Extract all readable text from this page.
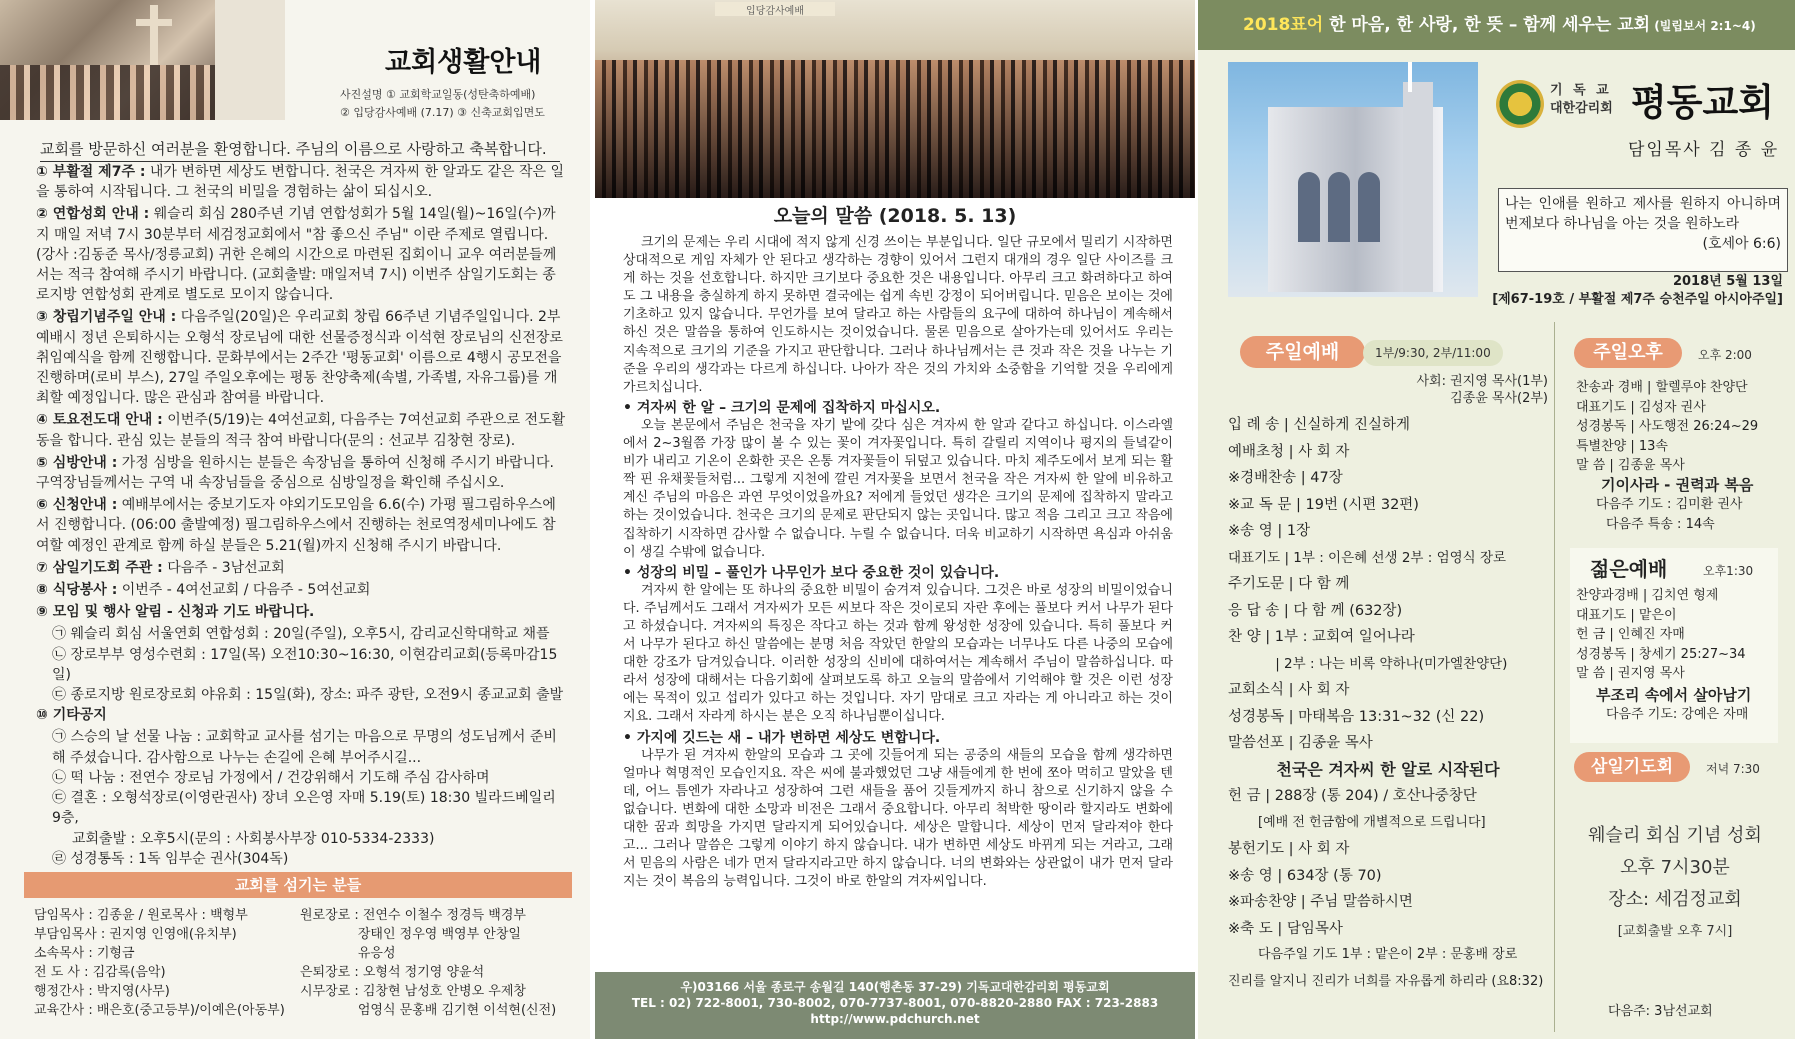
교회생활안내
사진설명 ① 교회학교일동(성탄축하예배)
② 입당감사예배 (7.17) ③ 신축교회입면도
교회를 방문하신 여러분을 환영합니다. 주님의 이름으로 사랑하고 축복합니다.
① 부활절 제7주 : 내가 변하면 세상도 변합니다. 천국은 겨자씨 한 알과도 같은 작은 일을 통하여 시작됩니다. 그 천국의 비밀을 경험하는 삶이 되십시오.
② 연합성회 안내 : 웨슬리 회심 280주년 기념 연합성회가 5월 14일(월)~16일(수)까지 매일 저녁 7시 30분부터 세검정교회에서 "참 좋으신 주님" 이란 주제로 열립니다. (강사 :김동준 목사/정릉교회) 귀한 은혜의 시간으로 마련된 집회이니 교우 여러분들께서는 적극 참여해 주시기 바랍니다. (교회출발: 매일저녁 7시) 이번주 삼일기도회는 종로지방 연합성회 관계로 별도로 모이지 않습니다.
③ 창립기념주일 안내 : 다음주일(20일)은 우리교회 창립 66주년 기념주일입니다. 2부예배시 정년 은퇴하시는 오형석 장로님에 대한 선물증정식과 이석현 장로님의 신전장로취임예식을 함께 진행합니다. 문화부에서는 2주간 '평동교회' 이름으로 4행시 공모전을 진행하며(로비 부스), 27일 주일오후에는 평동 찬양축제(속별, 가족별, 자유그룹)를 개최할 예정입니다. 많은 관심과 참여를 바랍니다.
④ 토요전도대 안내 : 이번주(5/19)는 4여선교회, 다음주는 7여선교회 주관으로 전도활동을 합니다. 관심 있는 분들의 적극 참여 바랍니다(문의 : 선교부 김창현 장로).
⑤ 심방안내 : 가정 심방을 원하시는 분들은 속장님을 통하여 신청해 주시기 바랍니다. 구역장님들께서는 구역 내 속장님들을 중심으로 심방일정을 확인해 주십시오.
⑥ 신청안내 : 예배부에서는 중보기도자 야외기도모임을 6.6(수) 가평 필그림하우스에서 진행합니다. (06:00 출발예정) 필그림하우스에서 진행하는 천로역정세미나에도 참여할 예정인 관계로 함께 하실 분들은 5.21(월)까지 신청해 주시기 바랍니다.
⑦ 삼일기도회 주관 : 다음주 - 3남선교회
⑧ 식당봉사 : 이번주 - 4여선교회 / 다음주 - 5여선교회
⑨ 모임 및 행사 알림 - 신청과 기도 바랍니다.
㉠ 웨슬리 회심 서울연회 연합성회 : 20일(주일), 오후5시, 감리교신학대학교 채플
㉡ 장로부부 영성수련회 : 17일(목) 오전10:30~16:30, 이현감리교회(등록마감15일)
㉢ 종로지방 원로장로회 야유회 : 15일(화), 장소: 파주 광탄, 오전9시 종교교회 출발
⑩ 기타공지
㉠ 스승의 날 선물 나눔 : 교회학교 교사를 섬기는 마음으로 무명의 성도님께서 준비해 주셨습니다. 감사함으로 나누는 손길에 은혜 부어주시길...
㉡ 떡 나눔 : 전연수 장로님 가정에서 / 건강위해서 기도해 주심 감사하며
㉢ 결혼 : 오형석장로(이영란권사) 장녀 오은영 자매 5.19(토) 18:30 빌라드베일리 9층,
교회출발 : 오후5시(문의 : 사회봉사부장 010-5334-2333)
㉣ 성경통독 : 1독 임부순 권사(304독)
교회를 섬기는 분들
담임목사 : 김종윤 / 원로목사 : 백형부
부담임목사 : 권지영 인영애(유치부)
소속목사 : 기형금
전 도 사 : 김감록(음악)
행정간사 : 박지영(사무)
교육간사 : 배은호(중고등부)/이예은(아동부)
원로장로 : 전연수 이철수 정경득 백경부
장태인 정우영 백영부 안창일
유응성
은퇴장로 : 오형석 정기영 양윤석
시무장로 : 김창현 남성호 안병오 우제창
엄영식 문홍배 김기현 이석현(신전)
입당감사예배
오늘의 말씀 (2018. 5. 13)

크기의 문제는 우리 시대에 적지 않게 신경 쓰이는 부분입니다. 일단 규모에서 밀리기 시작하면 상대적으로 게임 자체가 안 된다고 생각하는 경향이 있어서 그런지 대개의 경우 일단 사이즈를 크게 하는 것을 선호합니다. 하지만 크기보다 중요한 것은 내용입니다. 아무리 크고 화려하다고 하여도 그 내용을 충실하게 하지 못하면 결국에는 쉽게 속빈 강정이 되어버립니다. 믿음은 보이는 것에 기초하고 있지 않습니다. 무언가를 보여 달라고 하는 사람들의 요구에 대하여 하나님이 계속해서 하신 것은 말씀을 통하여 인도하시는 것이었습니다. 물론 믿음으로 살아가는데 있어서도 우리는 지속적으로 크기의 기준을 가지고 판단합니다. 그러나 하나님께서는 큰 것과 작은 것을 나누는 기준을 우리의 생각과는 다르게 하십니다. 나아가 작은 것의 가치와 소중함을 기억할 것을 우리에게 가르치십니다.

• 겨자씨 한 알 – 크기의 문제에 집착하지 마십시오.

오늘 본문에서 주님은 천국을 자기 밭에 갖다 심은 겨자씨 한 알과 같다고 하십니다. 이스라엘에서 2~3월쯤 가장 많이 볼 수 있는 꽃이 겨자꽃입니다. 특히 갈릴리 지역이나 평지의 들녘같이 비가 내리고 기온이 온화한 곳은 온통 겨자꽃들이 뒤덮고 있습니다. 마치 제주도에서 보게 되는 활짝 핀 유채꽃들처럼... 그렇게 지천에 깔린 겨자꽃을 보면서 천국을 작은 겨자씨 한 알에 비유하고 계신 주님의 마음은 과연 무엇이었을까요? 저에게 들었던 생각은 크기의 문제에 집착하지 말라고 하는 것이었습니다. 천국은 크기의 문제로 판단되지 않는 곳입니다. 많고 적음 그리고 크고 작음에 집착하기 시작하면 감사할 수 없습니다. 누릴 수 없습니다. 더욱 비교하기 시작하면 욕심과 아쉬움이 생길 수밖에 없습니다.

• 성장의 비밀 – 풀인가 나무인가 보다 중요한 것이 있습니다.

겨자씨 한 알에는 또 하나의 중요한 비밀이 숨겨져 있습니다. 그것은 바로 성장의 비밀이었습니다. 주님께서도 그래서 겨자씨가 모든 씨보다 작은 것이로되 자란 후에는 풀보다 커서 나무가 된다고 하셨습니다. 겨자씨의 특징은 작다고 하는 것과 함께 왕성한 성장에 있습니다. 특히 풀보다 커서 나무가 된다고 하신 말씀에는 분명 처음 작았던 한알의 모습과는 너무나도 다른 나중의 모습에 대한 강조가 담겨있습니다. 이러한 성장의 신비에 대하여서는 계속해서 주님이 말씀하십니다. 따라서 성장에 대해서는 다음기회에 살펴보도록 하고 오늘의 말씀에서 기억해야 할 것은 이런 성장에는 목적이 있고 섭리가 있다고 하는 것입니다. 자기 맘대로 크고 자라는 게 아니라고 하는 것이지요. 그래서 자라게 하시는 분은 오직 하나님뿐이십니다.

• 가지에 깃드는 새 – 내가 변하면 세상도 변합니다.

나무가 된 겨자씨 한알의 모습과 그 곳에 깃들어게 되는 공중의 새들의 모습을 함께 생각하면 얼마나 혁명적인 모습인지요. 작은 씨에 불과했었던 그냥 새들에게 한 번에 쪼아 먹히고 말았을 텐데, 어느 틈엔가 자라나고 성장하여 그런 새들을 품어 깃들게까지 하니 참으로 신기하지 않을 수 없습니다. 변화에 대한 소망과 비전은 그래서 중요합니다. 아무리 척박한 땅이라 할지라도 변화에 대한 꿈과 희망을 가지면 달라지게 되어있습니다. 세상은 말합니다. 세상이 먼저 달라져야 한다고... 그러나 말씀은 그렇게 이야기 하지 않습니다. 내가 변하면 세상도 바뀌게 되는 거라고, 그래서 믿음의 사람은 네가 먼저 달라지라고만 하지 않습니다. 너의 변화와는 상관없이 내가 먼저 달라지는 것이 복음의 능력입니다. 그것이 바로 한알의 겨자씨입니다.

우)03166 서울 종로구 송월길 140(행촌동 37-29) 기독교대한감리회 평동교회
TEL : 02) 722-8001, 730-8002, 070-7737-8001, 070-8820-2880 FAX : 723-2883
http://www.pdchurch.net
2018표어 한 마음, 한 사랑, 한 뜻 – 함께 세우는 교회 (빌립보서 2:1~4)
기 독 교
대한감리회 평동교회
담임목사 김 종 윤
나는 인애를 원하고 제사를 원하지 아니하며 번제보다 하나님을 아는 것을 원하노라
(호세아 6:6)
2018년 5월 13일
[제67-19호 / 부활절 제7주 승천주일 아시아주일]
주일예배	1부/9:30, 2부/11:00
사회: 권지영 목사(1부)
김종윤 목사(2부)
입 례 송 | 신실하게 진실하게
예배초청 | 사 회 자
※경배찬송 | 47장
※교 독 문 | 19번 (시편 32편)
※송 영 | 1장
대표기도 | 1부 : 이은혜 선생 2부 : 엄영식 장로
주기도문 | 다 함 께
응 답 송 | 다 함 께 (632장)
찬 양 | 1부 : 교회여 일어나라
| 2부 : 나는 비록 약하나(미가엘찬양단)
교회소식 | 사 회 자
성경봉독 | 마태복음 13:31~32 (신 22)
말씀선포 | 김종윤 목사
천국은 겨자씨 한 알로 시작된다
헌 금 | 288장 (통 204) / 호산나중창단
[예배 전 헌금함에 개별적으로 드립니다]
봉헌기도 | 사 회 자
※송 영 | 634장 (통 70)
※파송찬양 | 주님 말씀하시면
※축 도 | 담임목사
다음주일 기도 1부 : 맡은이 2부 : 문홍배 장로
진리를 알지니 진리가 너희를 자유롭게 하리라 (요8:32)
주일오후	오후 2:00
찬송과 경배 | 할렐루야 찬양단
대표기도 | 김성자 권사
성경봉독 | 사도행전 26:24~29
특별찬양 | 13속
말 씀 | 김종윤 목사
기이사라 - 권력과 복음
다음주 기도 : 김미환 권사
다음주 특송 : 14속
젊은예배	오후1:30
찬양과경배 | 김치연 형제
대표기도 | 맡은이
헌 금 | 인혜진 자매
성경봉독 | 창세기 25:27~34
말 씀 | 권지영 목사
부조리 속에서 살아남기
다음주 기도: 강예은 자매
삼일기도회	저녁 7:30
웨슬리 회심 기념 성회
오후 7시30분
장소: 세검정교회
[교회출발 오후 7시]
다음주: 3남선교회
